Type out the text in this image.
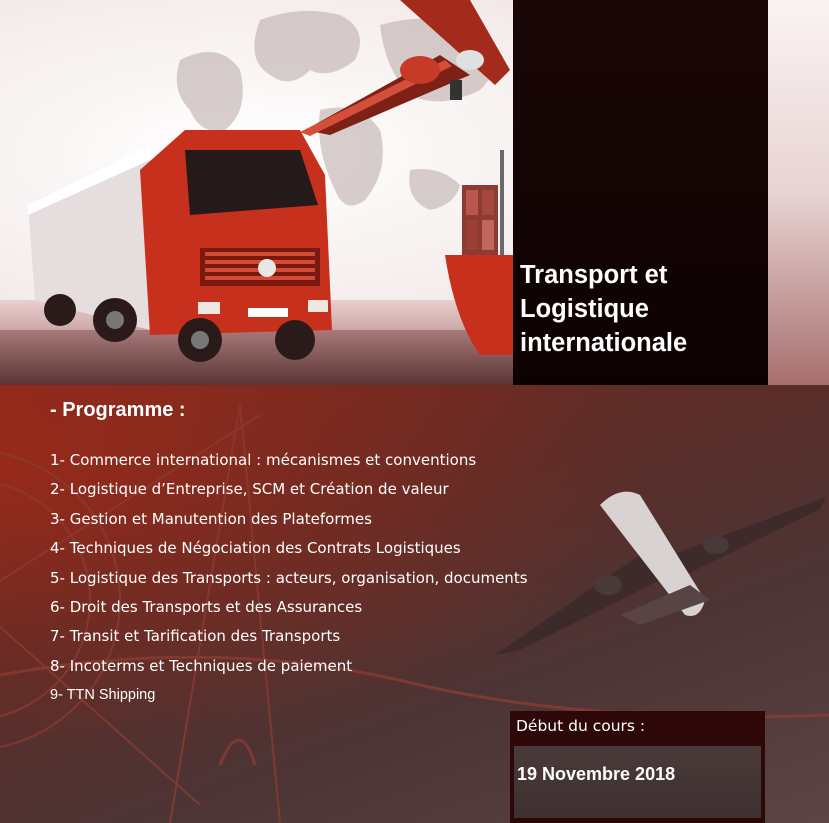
Transport et
Logistique
internationale
- Programme :
1- Commerce international : mécanismes et conventions
2- Logistique d’Entreprise, SCM et Création de valeur
3- Gestion et Manutention des Plateformes
4- Techniques de Négociation des Contrats Logistiques
5- Logistique des Transports : acteurs, organisation, documents
6- Droit des Transports et des Assurances
7- Transit et Tarification des Transports
8- Incoterms et Techniques de paiement
9- TTN Shipping

Début du cours :

19 Novembre 2018
